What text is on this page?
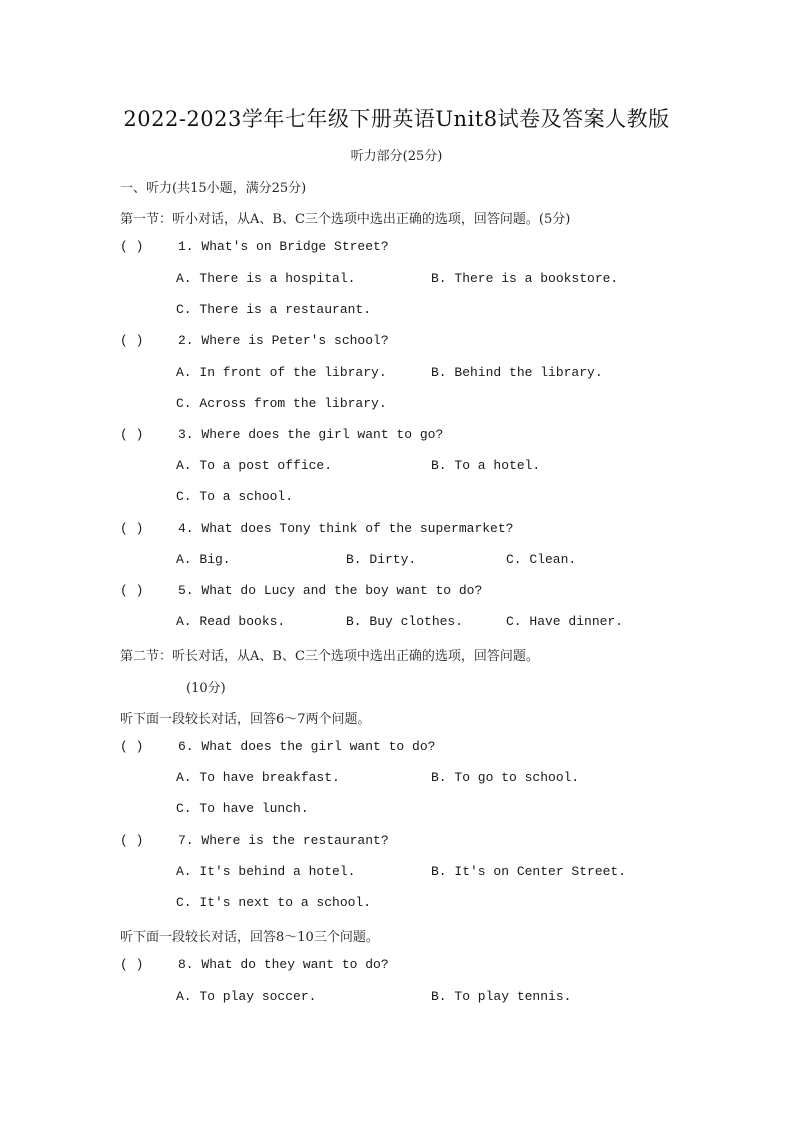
2022-2023学年七年级下册英语Unit8试卷及答案人教版
听力部分(25分)
一、听力(共15小题，满分25分)
第一节：听小对话，从A、B、C三个选项中选出正确的选项，回答问题。(5分)
( )	1. What's on Bridge Street?
A. There is a hospital.	B. There is a bookstore.
C. There is a restaurant.
( )	2. Where is Peter's school?
A. In front of the library.	B. Behind the library.
C. Across from the library.
( )	3. Where does the girl want to go?
A. To a post office.	B. To a hotel.
C. To a school.
( )	4. What does Tony think of the supermarket?
A. Big.	B. Dirty.	C. Clean.
( )	5. What do Lucy and the boy want to do?
A. Read books.	B. Buy clothes.	C. Have dinner.
第二节：听长对话，从A、B、C三个选项中选出正确的选项，回答问题。
(10分)
听下面一段较长对话，回答6～7两个问题。
( )	6. What does the girl want to do?
A. To have breakfast.	B. To go to school.
C. To have lunch.
( )	7. Where is the restaurant?
A. It's behind a hotel.	B. It's on Center Street.
C. It's next to a school.
听下面一段较长对话，回答8～10三个问题。
( )	8. What do they want to do?
A. To play soccer.	B. To play tennis.
